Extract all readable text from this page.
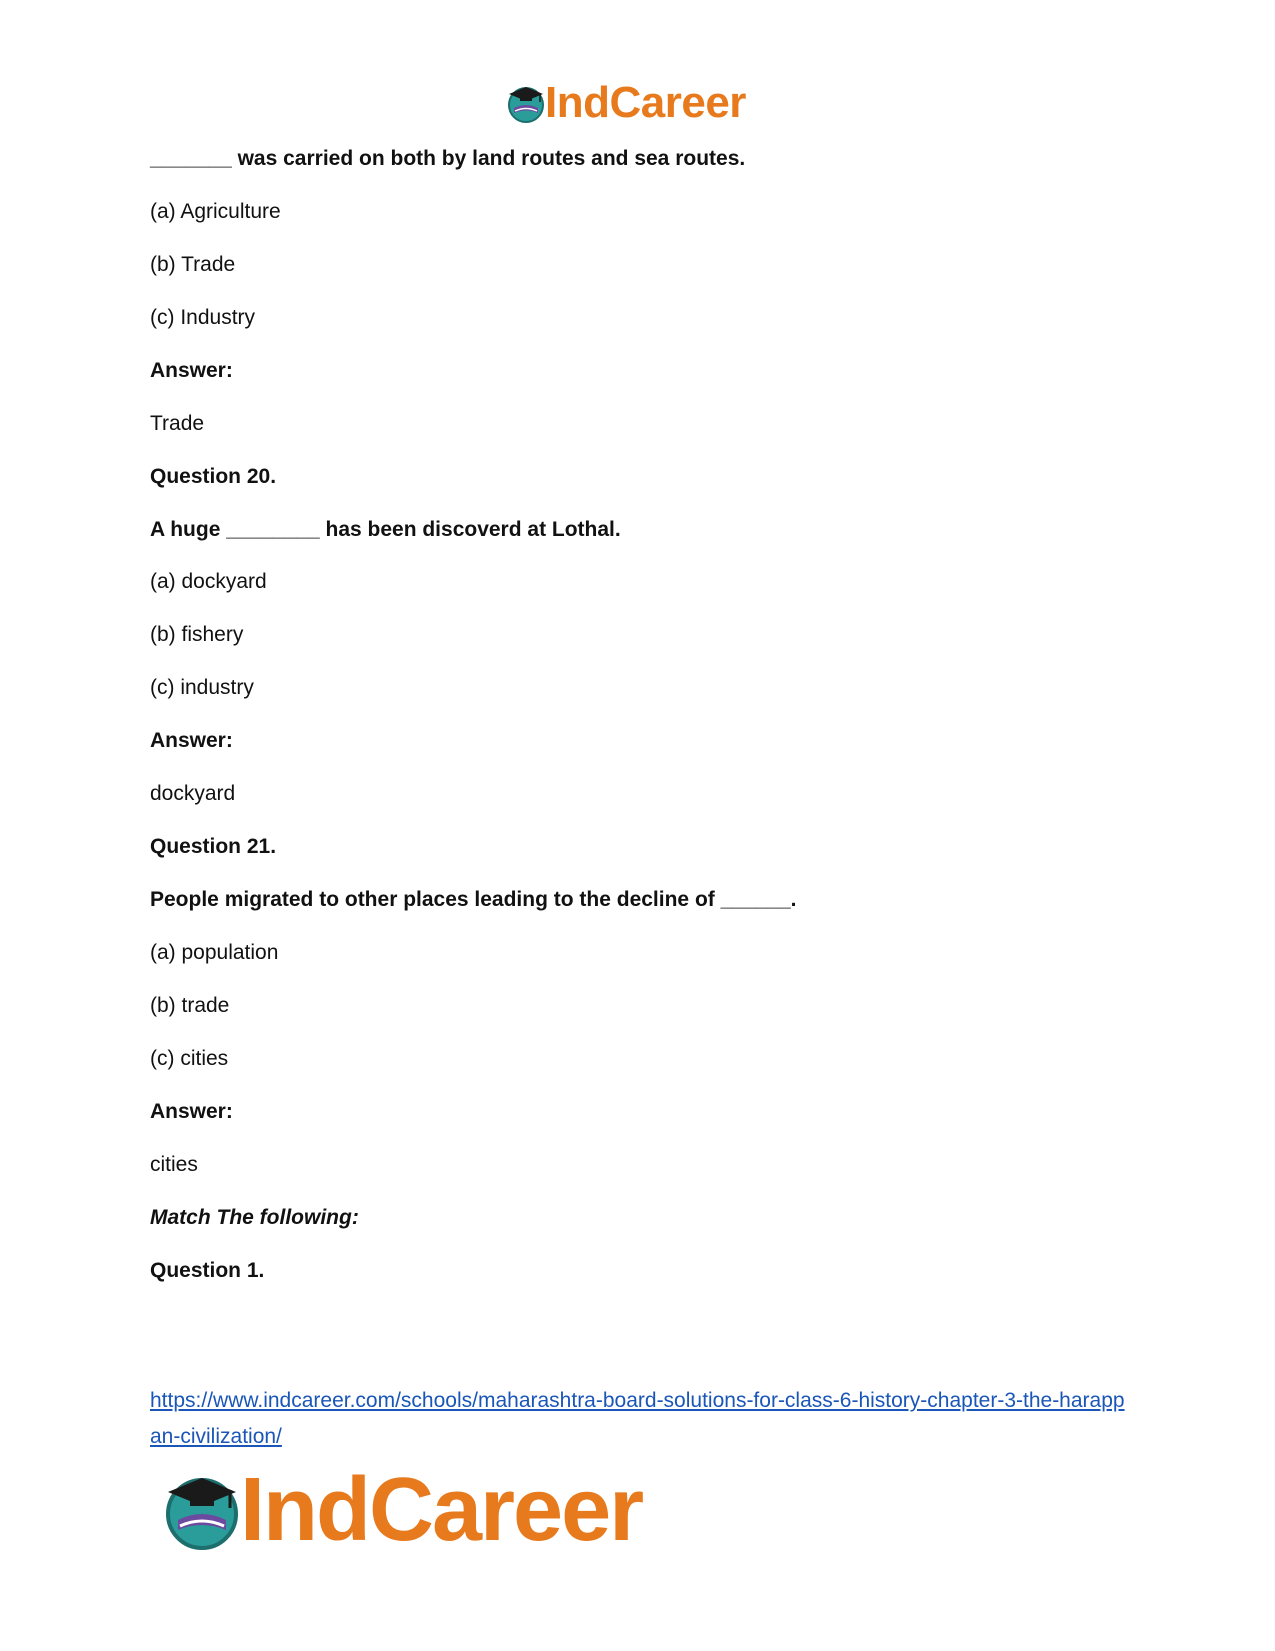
IndCareer
_______ was carried on both by land routes and sea routes.
(a) Agriculture
(b) Trade
(c) Industry
Answer:
Trade
Question 20.
A huge ________ has been discoverd at Lothal.
(a) dockyard
(b) fishery
(c) industry
Answer:
dockyard
Question 21.
People migrated to other places leading to the decline of ______.
(a) population
(b) trade
(c) cities
Answer:
cities
Match The following:
Question 1.
https://www.indcareer.com/schools/maharashtra-board-solutions-for-class-6-history-chapter-3-the-harappan-civilization/
IndCareer
